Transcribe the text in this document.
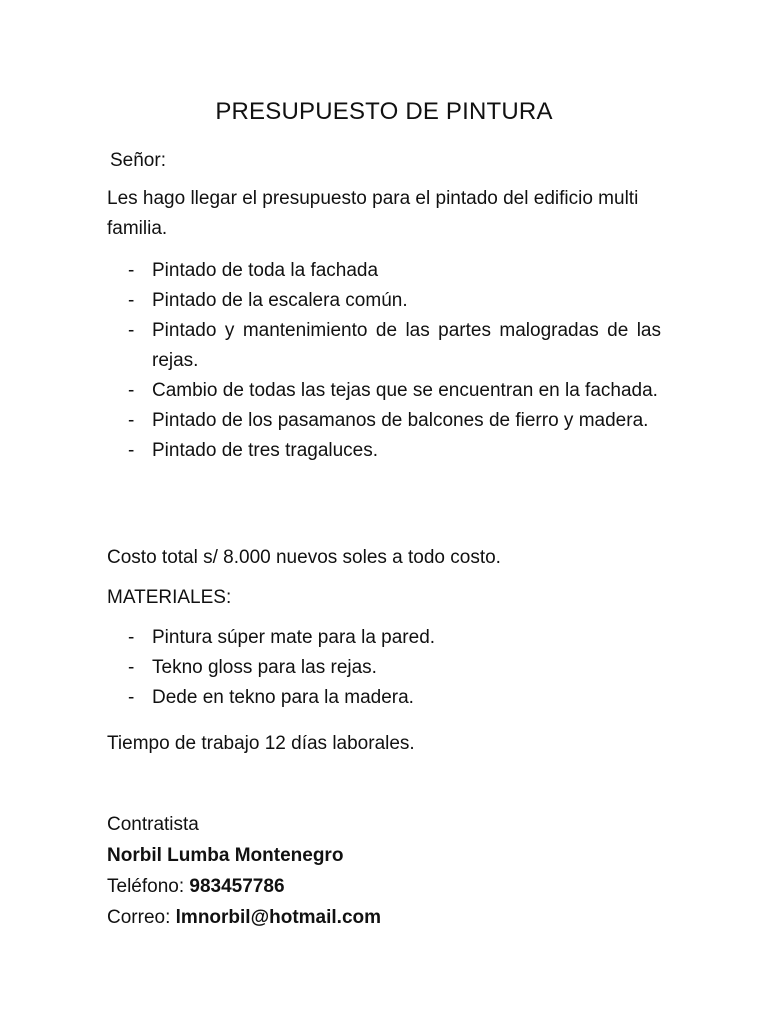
PRESUPUESTO DE PINTURA
Señor:

Les hago llegar el presupuesto para el pintado del edificio multi familia.

- Pintado de toda la fachada
- Pintado de la escalera común.
- Pintado y mantenimiento de las partes malogradas de las rejas.
- Cambio de todas las tejas que se encuentran en la fachada.
- Pintado de los pasamanos de balcones de fierro y madera.
- Pintado de tres tragaluces.
Costo total s/ 8.000 nuevos soles a todo costo.
MATERIALES:
- Pintura súper mate para la pared.
- Tekno gloss para las rejas.
- Dede en tekno para la madera.
Tiempo de trabajo 12 días laborales.
Contratista
Norbil Lumba Montenegro
Teléfono: 983457786
Correo: lmnorbil@hotmail.com
